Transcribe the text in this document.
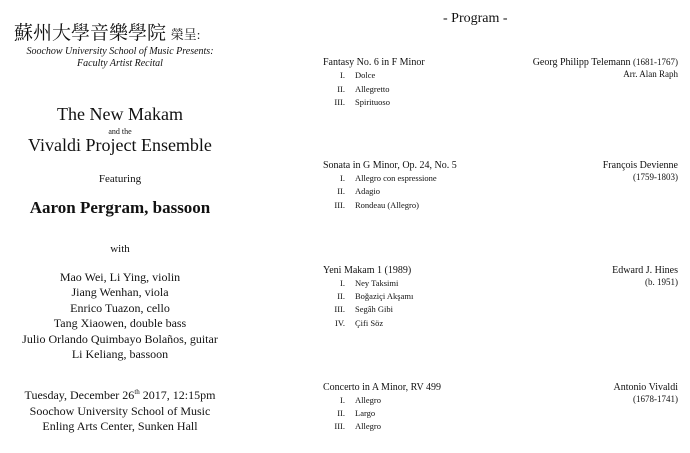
蘇州大學音樂學院 榮呈:
Soochow University School of Music Presents:
Faculty Artist Recital
The New Makam
and the
Vivaldi Project Ensemble
Featuring
Aaron Pergram, bassoon
with
Mao Wei, Li Ying, violin
Jiang Wenhan, viola
Enrico Tuazon, cello
Tang Xiaowen, double bass
Julio Orlando Quimbayo Bolaños, guitar
Li Keliang, bassoon
Tuesday, December 26th 2017, 12:15pm
Soochow University School of Music
Enling Arts Center, Sunken Hall
- Program -
Fantasy No. 6 in F Minor	Georg Philipp Telemann (1681-1767)
Arr. Alan Raph
I. Dolce
II. Allegretto
III. Spirituoso
Sonata in G Minor, Op. 24, No. 5	François Devienne
(1759-1803)
I. Allegro con espressione
II. Adagio
III. Rondeau (Allegro)
Yeni Makam 1 (1989)	Edward J. Hines
(b. 1951)
I. Ney Taksimi
II. Boğaziçi Akşamı
III. Segâh Gibi
IV. Çifi Söz
Concerto in A Minor, RV 499	Antonio Vivaldi
(1678-1741)
I. Allegro
II. Largo
III. Allegro
